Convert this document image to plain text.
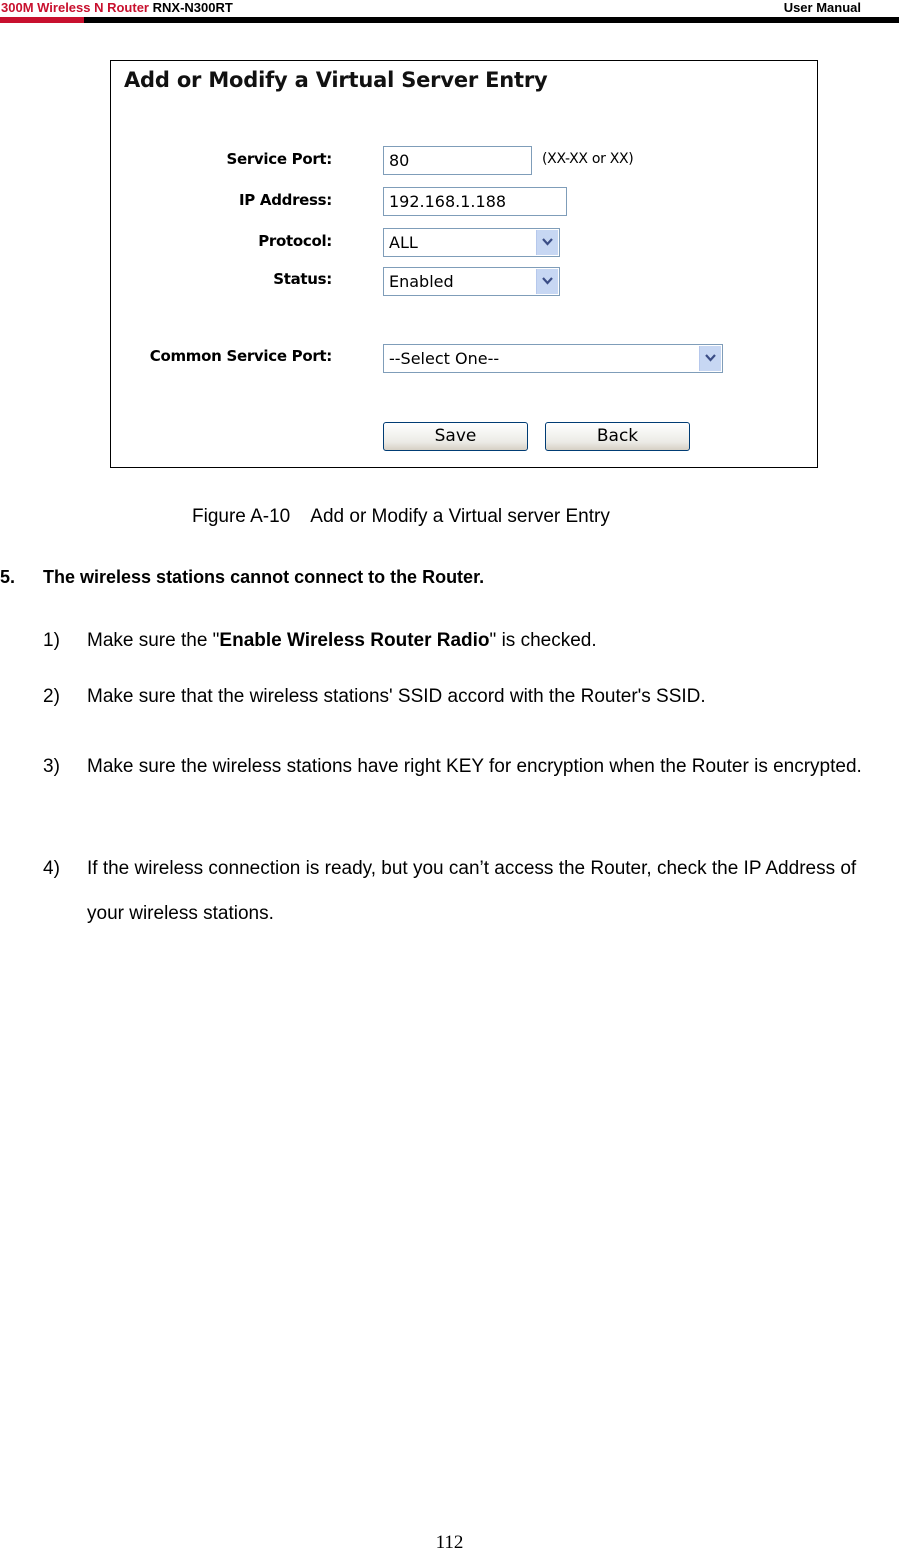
300M Wireless N Router RNX-N300RT	User Manual
Add or Modify a Virtual Server Entry
Service Port:	80	(XX-XX or XX)
IP Address:	192.168.1.188
Protocol:	ALL
Status:	Enabled
Common Service Port:	--Select One--
Save	Back
Figure A-10    Add or Modify a Virtual server Entry
5. The wireless stations cannot connect to the Router.
1) Make sure the "Enable Wireless Router Radio" is checked.
2) Make sure that the wireless stations' SSID accord with the Router's SSID.
3) Make sure the wireless stations have right KEY for encryption when the Router is encrypted.
4) If the wireless connection is ready, but you can’t access the Router, check the IP Address of your wireless stations.
112
